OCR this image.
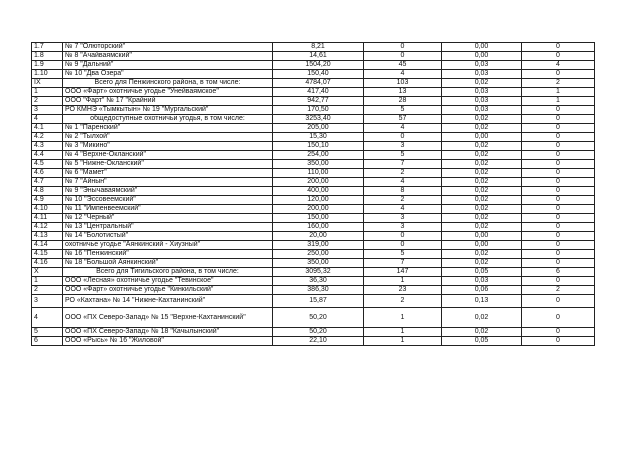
1.7	№ 7 "Олюторский"	8,21	0	0,00	0
1.8	№ 8 "Ачайваямский"	14,61	0	0,00	0
1.9	№ 9 "Дальний"	1504,20	45	0,03	4
1.10	№ 10 "Два Озера"	150,40	4	0,03	0
IX	Всего для Пенжинского района, в том числе:	4784,07	103	0,02	2
1	ООО «Фарт» охотничье угодье "Унейваямское"	417,40	13	0,03	1
2	ООО "Фарт" № 17 "Крайний	942,77	28	0,03	1
3	РО КМНЭ «Тымкытын» № 19 "Мургальский"	170,50	5	0,03	0
4	общедоступные охотничьи угодья, в том числе:	3253,40	57	0,02	0
4.1	№ 1 "Паренский"	205,00	4	0,02	0
4.2	№ 2 "Тылхой"	15,30	0	0,00	0
4.3	№ 3 "Микино"	150,10	3	0,02	0
4.4	№ 4 "Верхне-Окланский"	254,00	5	0,02	0
4.5	№ 5 "Нижне-Окланский"	350,00	7	0,02	0
4.6	№ 6 "Мамет"	110,00	2	0,02	0
4.7	№ 7 "Айнын"	200,00	4	0,02	0
4.8	№ 9 "Энычаваямский"	400,00	8	0,02	0
4.9	№ 10 "Эссовеемский"	120,00	2	0,02	0
4.10	№ 11 "Импенвеемский"	200,00	4	0,02	0
4.11	№ 12 "Черный"	150,00	3	0,02	0
4.12	№ 13 "Центральный"	160,00	3	0,02	0
4.13	№ 14 "Болотистый"	20,00	0	0,00	0
4.14	охотничье угодье "Аянкинский - Хиузный"	319,00	0	0,00	0
4.15	№ 16 "Пенжинский"	250,00	5	0,02	0
4.16	№ 18 "Большой Аянкинский"	350,00	7	0,02	0
X	Всего для Тигильского района, в том числе:	3095,32	147	0,05	6
1	ООО «Лесная» охотничье угодье "Тевинское"	36,30	1	0,03	0
2	ООО «Фарт» охотничье угодье "Кинкильский"	386,30	23	0,06	2
3	РО «Кахтана» № 14 "Нижне-Кахтанинский"	15,87	2	0,13	0
4	ООО «ПХ Северо-Запад» № 15 "Верхне-Кахтанинский"	50,20	1	0,02	0
5	ООО «ПХ Северо-Запад» № 18 "Качылынский"	50,20	1	0,02	0
6	ООО «Рысь» № 16 "Жиловой"	22,10	1	0,05	0
